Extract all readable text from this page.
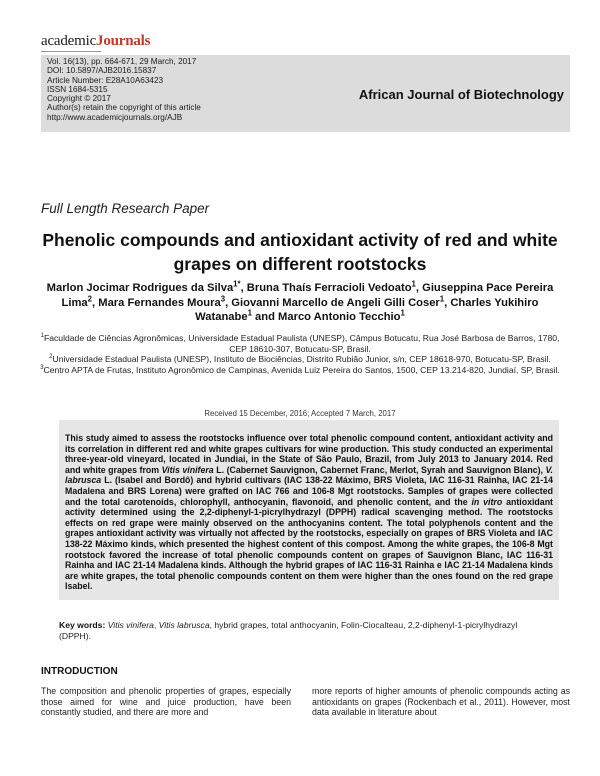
academicJournals
Vol. 16(13), pp. 664-671, 29 March, 2017
DOI: 10.5897/AJB2016.15837
Article Number: E28A10A63423
ISSN 1684-5315
Copyright © 2017
Author(s) retain the copyright of this article
http://www.academicjournals.org/AJB
African Journal of Biotechnology
Full Length Research Paper
Phenolic compounds and antioxidant activity of red and white grapes on different rootstocks
Marlon Jocimar Rodrigues da Silva$^{1*}$, Bruna Thaís Ferracioli Vedoato$^1$, Giuseppina Pace Pereira Lima$^2$, Mara Fernandes Moura$^3$, Giovanni Marcello de Angeli Gilli Coser$^1$, Charles Yukihiro Watanabe$^1$ and Marco Antonio Tecchio$^1$
$^1$Faculdade de Ciências Agronômicas, Universidade Estadual Paulista (UNESP), Câmpus Botucatu, Rua José Barbosa de Barros, 1780, CEP 18610-307, Botucatu-SP, Brasil.
$^2$Universidade Estadual Paulista (UNESP), Instituto de Biociências, Distrito Rubião Junior, s/n, CEP 18618-970, Botucatu-SP, Brasil.
$^3$Centro APTA de Frutas, Instituto Agronômico de Campinas, Avenida Luiz Pereira do Santos, 1500, CEP 13.214-820, Jundiaí, SP, Brasil.
Received 15 December, 2016; Accepted 7 March, 2017
This study aimed to assess the rootstocks influence over total phenolic compound content, antioxidant activity and its correlation in different red and white grapes cultivars for wine production. This study conducted an experimental three-year-old vineyard, located in Jundiai, in the State of São Paulo, Brazil, from July 2013 to January 2014. Red and white grapes from Vitis vinifera L. (Cabernet Sauvignon, Cabernet Franc, Merlot, Syrah and Sauvignon Blanc), V. labrusca L. (Isabel and Bordô) and hybrid cultivars (IAC 138-22 Máximo, BRS Violeta, IAC 116-31 Rainha, IAC 21-14 Madalena and BRS Lorena) were grafted on IAC 766 and 106-8 Mgt rootstocks. Samples of grapes were collected and the total carotenoids, chlorophyll, anthocyanin, flavonoid, and phenolic content, and the in vitro antioxidant activity determined using the 2,2-diphenyl-1-picrylhydrazyl (DPPH) radical scavenging method. The rootstocks effects on red grape were mainly observed on the anthocyanins content. The total polyphenols content and the grapes antioxidant activity was virtually not affected by the rootstocks, especially on grapes of BRS Violeta and IAC 138-22 Máximo kinds, which presented the highest content of this compost. Among the white grapes, the 106-8 Mgt rootstock favored the increase of total phenolic compounds content on grapes of Sauvignon Blanc, IAC 116-31 Rainha and IAC 21-14 Madalena kinds. Although the hybrid grapes of IAC 116-31 Rainha e IAC 21-14 Madalena kinds are white grapes, the total phenolic compounds content on them were higher than the ones found on the red grape Isabel.
Key words: Vitis vinifera, Vitis labrusca, hybrid grapes, total anthocyanin, Folin-Ciocalteau, 2,2-diphenyl-1-picrylhydrazyl (DPPH).
INTRODUCTION
The composition and phenolic properties of grapes, especially those aimed for wine and juice production, have been constantly studied, and there are more and
more reports of higher amounts of phenolic compounds acting as antioxidants on grapes (Rockenbach et al., 2011). However, most data available in literature about
